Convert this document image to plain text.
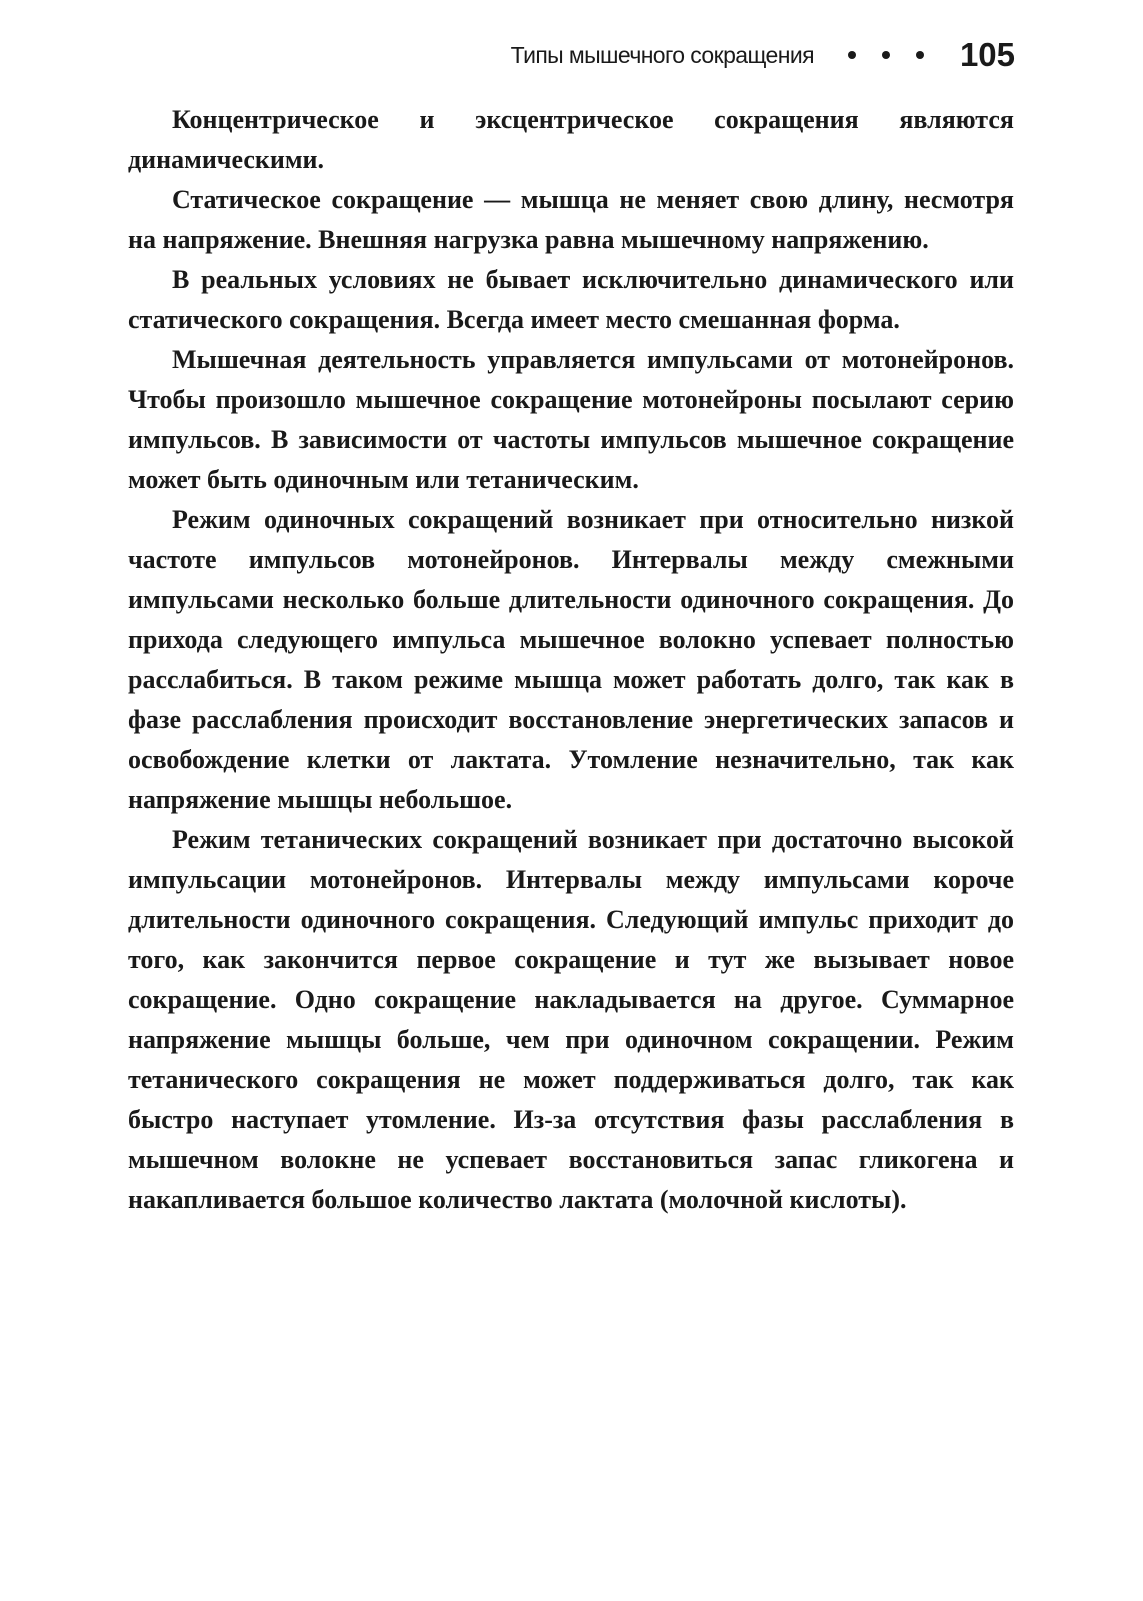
Типы мышечного сокращения	105

Концентрическое и эксцентрическое сокращения являются динамическими.

Статическое сокращение — мышца не меняет свою длину, несмотря на напряжение. Внешняя нагрузка равна мышечному напряжению.

В реальных условиях не бывает исключительно динамического или статического сокращения. Всегда имеет место смешанная форма.

Мышечная деятельность управляется импульсами от мотонейронов. Чтобы произошло мышечное сокращение мотонейроны посылают серию импульсов. В зависимости от частоты импульсов мышечное сокращение может быть одиночным или тетаническим.

Режим одиночных сокращений возникает при относительно низкой частоте импульсов мотонейронов. Интервалы между смежными импульсами несколько больше длительности одиночного сокращения. До прихода следующего импульса мышечное волокно успевает полностью расслабиться. В таком режиме мышца может работать долго, так как в фазе расслабления происходит восстановление энергетических запасов и освобождение клетки от лактата. Утомление незначительно, так как напряжение мышцы небольшое.

Режим тетанических сокращений возникает при достаточно высокой импульсации мотонейронов. Интервалы между импульсами короче длительности одиночного сокращения. Следующий импульс приходит до того, как закончится первое сокращение и тут же вызывает новое сокращение. Одно сокращение накладывается на другое. Суммарное напряжение мышцы больше, чем при одиночном сокращении. Режим тетанического сокращения не может поддерживаться долго, так как быстро наступает утомление. Из-за отсутствия фазы расслабления в мышечном волокне не успевает восстановиться запас гликогена и накапливается большое количество лактата (молочной кислоты).
